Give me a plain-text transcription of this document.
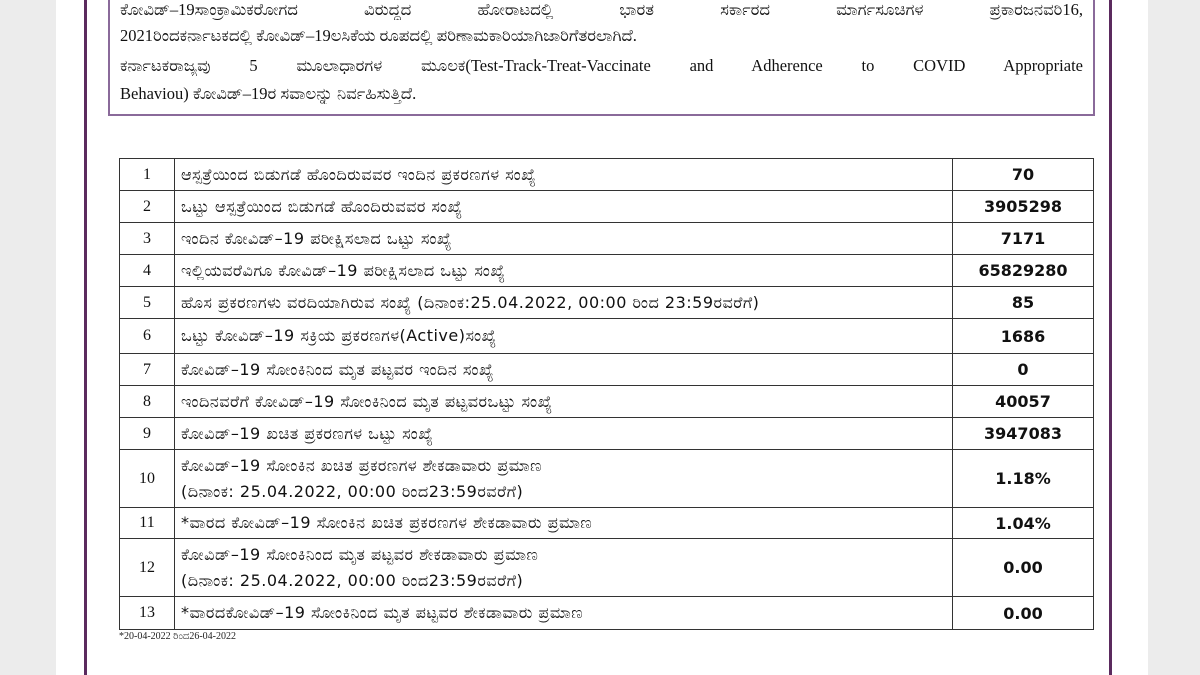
ಕೋವಿಡ್‌–19ಸಾಂಕ್ರಾಮಿಕರೋಗದ ವಿರುದ್ಧದ ಹೋರಾಟದಲ್ಲಿ ಭಾರತ ಸರ್ಕಾರದ ಮಾರ್ಗಸೂಚಿಗಳ ಪ್ರಕಾರಜನವರಿ16,
2021ರಿಂದಕರ್ನಾಟಕದಲ್ಲಿ ಕೋವಿಡ್‌–19ಲಸಿಕೆಯ ರೂಪದಲ್ಲಿ ಪರಿಣಾಮಕಾರಿಯಾಗಿಜಾರಿಗೆತರಲಾಗಿದೆ.
ಕರ್ನಾಟಕರಾಜ್ಯವು 5 ಮೂಲಾಧಾರಗಳ ಮೂಲಕ(Test-Track-Treat-Vaccinate and Adherence to COVID Appropriate
Behaviou) ಕೋವಿಡ್‌–19ರ ಸವಾಲನ್ನು ನಿರ್ವಹಿಸುತ್ತಿದೆ.
1	ಆಸ್ಪತ್ರೆಯಿಂದ ಬಿಡುಗಡೆ ಹೊಂದಿರುವವರ ಇಂದಿನ ಪ್ರಕರಣಗಳ ಸಂಖ್ಯೆ	70
2	ಒಟ್ಟು ಆಸ್ಪತ್ರೆಯಿಂದ ಬಿಡುಗಡೆ ಹೊಂದಿರುವವರ ಸಂಖ್ಯೆ	3905298
3	ಇಂದಿನ ಕೋವಿಡ್–19 ಪರೀಕ್ಷಿಸಲಾದ ಒಟ್ಟು ಸಂಖ್ಯೆ	7171
4	ಇಲ್ಲಿಯವರೆವಿಗೂ ಕೋವಿಡ್–19 ಪರೀಕ್ಷಿಸಲಾದ ಒಟ್ಟು ಸಂಖ್ಯೆ	65829280
5	ಹೊಸ ಪ್ರಕರಣಗಳು ವರದಿಯಾಗಿರುವ ಸಂಖ್ಯೆ (ದಿನಾಂಕ:25.04.2022, 00:00 ರಿಂದ 23:59ರವರೆಗೆ)	85
6	ಒಟ್ಟು ಕೋವಿಡ್–19 ಸಕ್ರಿಯ ಪ್ರಕರಣಗಳ(Active)ಸಂಖ್ಯೆ	1686
7	ಕೋವಿಡ್–19 ಸೋಂಕಿನಿಂದ ಮೃತ ಪಟ್ಟವರ ಇಂದಿನ ಸಂಖ್ಯೆ	0
8	ಇಂದಿನವರೆಗೆ ಕೋವಿಡ್–19 ಸೋಂಕಿನಿಂದ ಮೃತ ಪಟ್ಟವರಒಟ್ಟು ಸಂಖ್ಯೆ	40057
9	ಕೋವಿಡ್–19 ಖಚಿತ ಪ್ರಕರಣಗಳ ಒಟ್ಟು ಸಂಖ್ಯೆ	3947083
10	ಕೋವಿಡ್–19 ಸೋಂಕಿನ ಖಚಿತ ಪ್ರಕರಣಗಳ ಶೇಕಡಾವಾರು ಪ್ರಮಾಣ
(ದಿನಾಂಕ: 25.04.2022, 00:00 ರಿಂದ23:59ರವರೆಗೆ)	1.18%
11	*ವಾರದ ಕೋವಿಡ್–19 ಸೋಂಕಿನ ಖಚಿತ ಪ್ರಕರಣಗಳ ಶೇಕಡಾವಾರು ಪ್ರಮಾಣ	1.04%
12	ಕೋವಿಡ್–19 ಸೋಂಕಿನಿಂದ ಮೃತ ಪಟ್ಟವರ ಶೇಕಡಾವಾರು ಪ್ರಮಾಣ
(ದಿನಾಂಕ: 25.04.2022, 00:00 ರಿಂದ23:59ರವರೆಗೆ)	0.00
13	*ವಾರದಕೋವಿಡ್–19 ಸೋಂಕಿನಿಂದ ಮೃತ ಪಟ್ಟವರ ಶೇಕಡಾವಾರು ಪ್ರಮಾಣ	0.00
*20-04-2022 ರಿಂದ26-04-2022
